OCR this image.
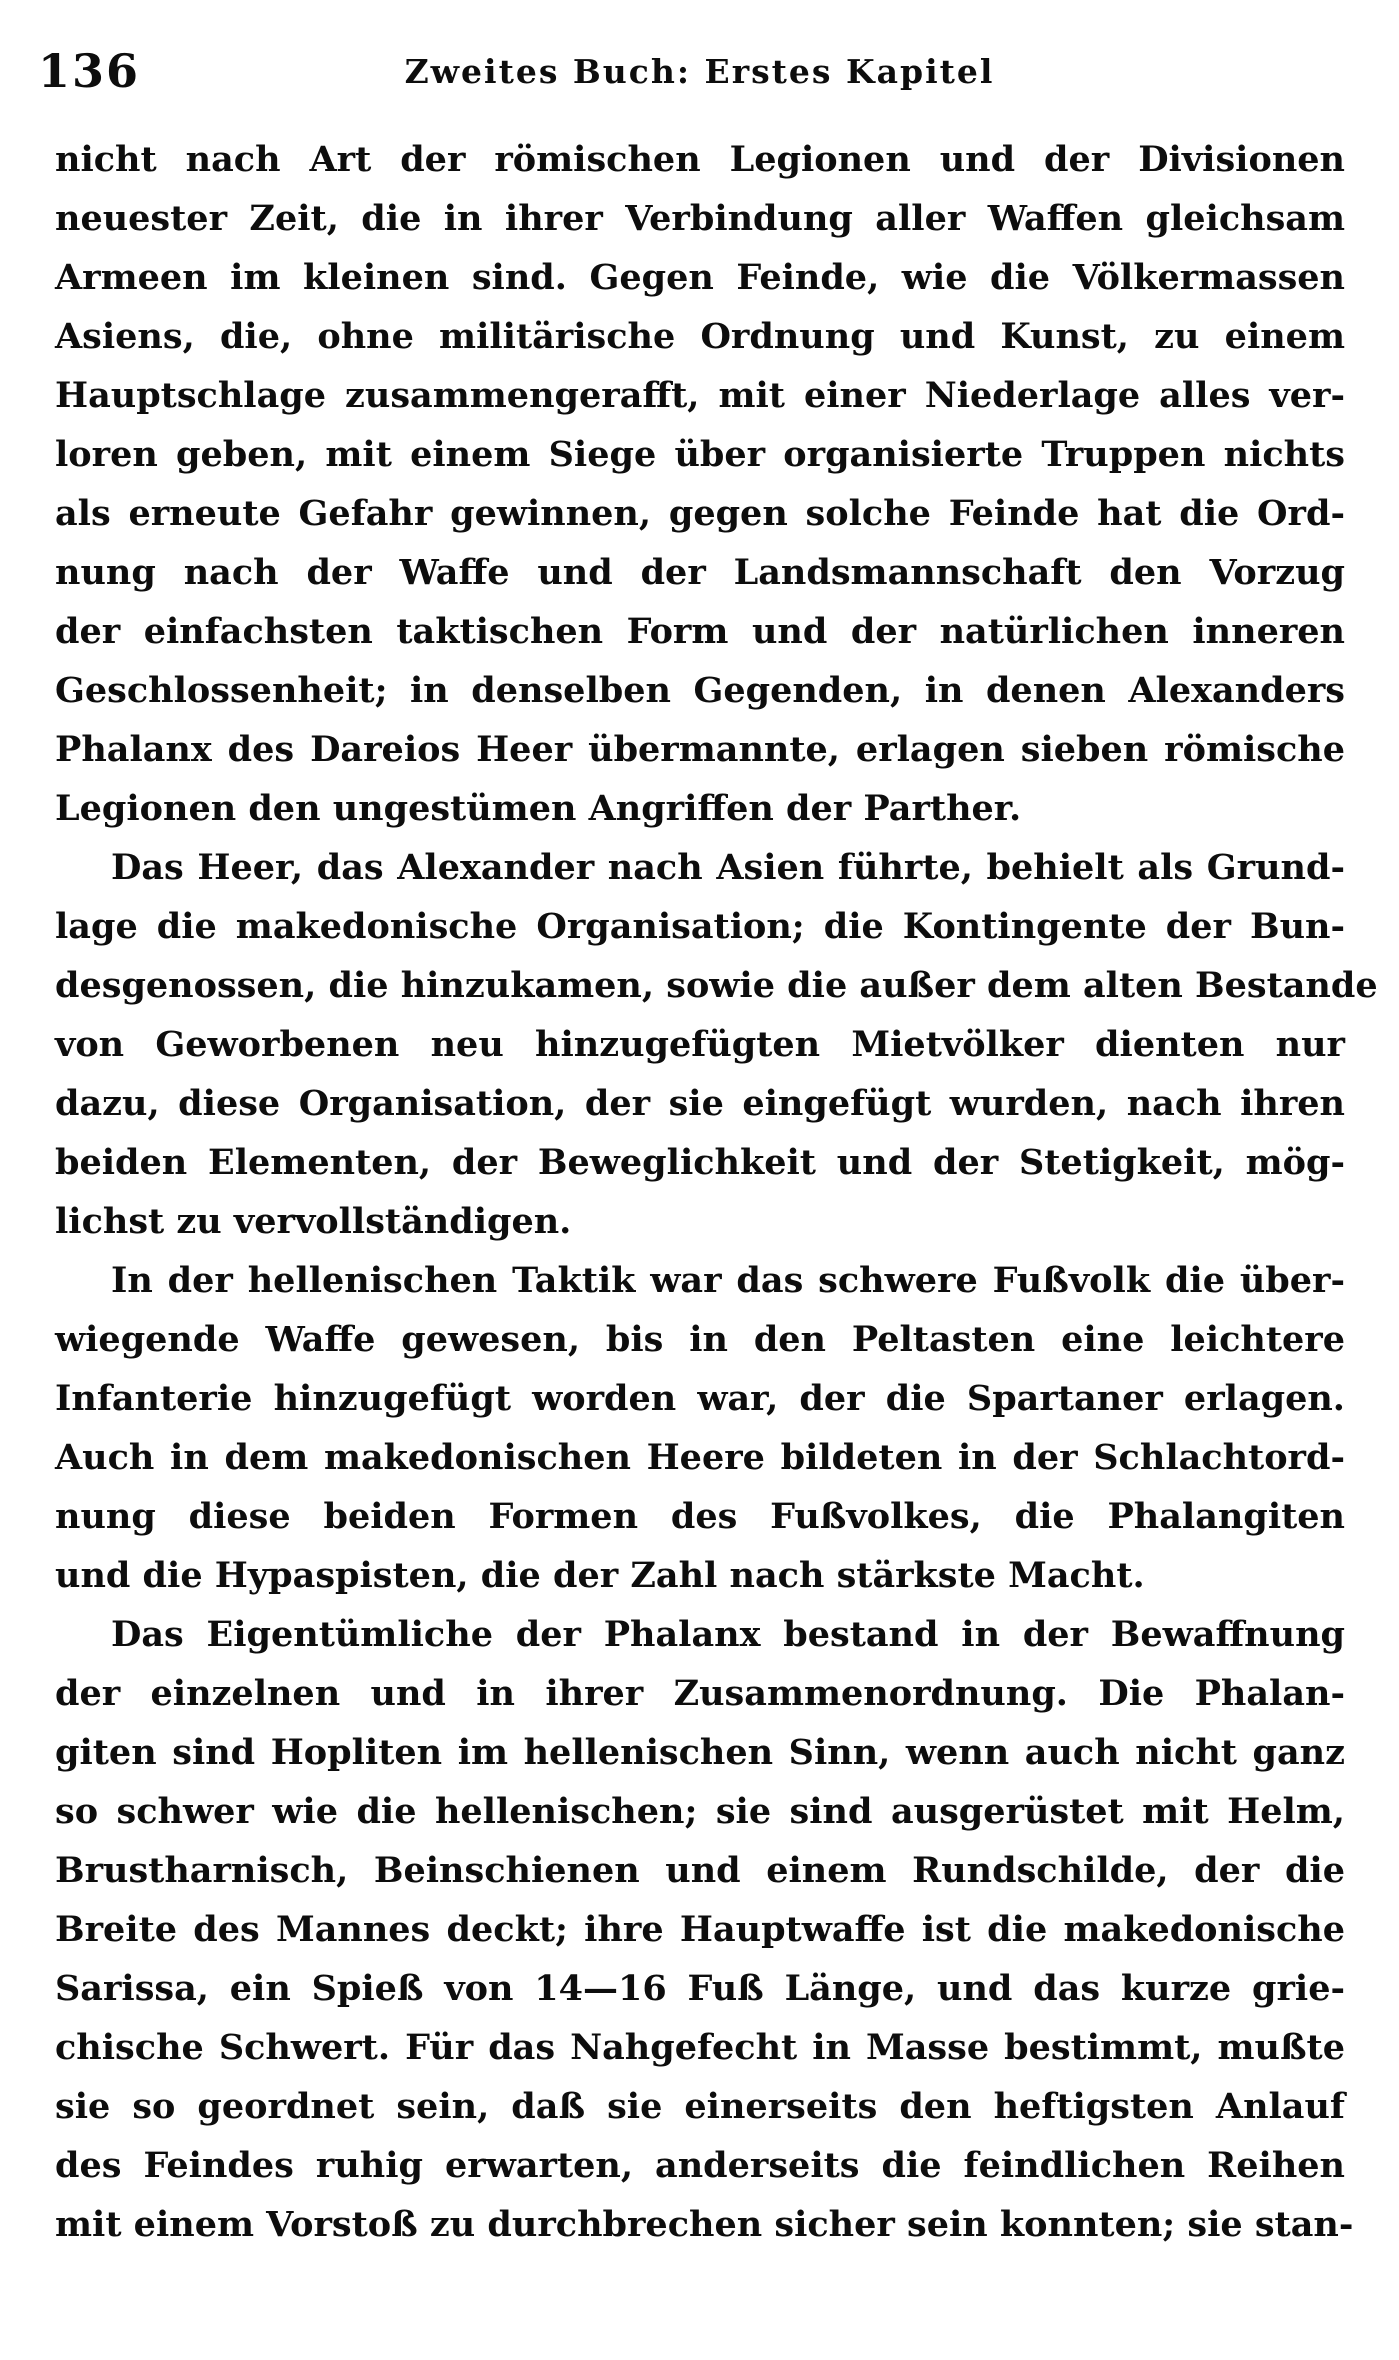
136	Zweites Buch: Erstes Kapitel
nicht nach Art der römischen Legionen und der Divisionen
neuester Zeit, die in ihrer Verbindung aller Waffen gleichsam
Armeen im kleinen sind. Gegen Feinde, wie die Völkermassen
Asiens, die, ohne militärische Ordnung und Kunst, zu einem
Hauptschlage zusammengerafft, mit einer Niederlage alles ver-
loren geben, mit einem Siege über organisierte Truppen nichts
als erneute Gefahr gewinnen, gegen solche Feinde hat die Ord-
nung nach der Waffe und der Landsmannschaft den Vorzug
der einfachsten taktischen Form und der natürlichen inneren
Geschlossenheit; in denselben Gegenden, in denen Alexanders
Phalanx des Dareios Heer übermannte, erlagen sieben römische
Legionen den ungestümen Angriffen der Parther.
Das Heer, das Alexander nach Asien führte, behielt als Grund-
lage die makedonische Organisation; die Kontingente der Bun-
desgenossen, die hinzukamen, sowie die außer dem alten Bestande
von Geworbenen neu hinzugefügten Mietvölker dienten nur
dazu, diese Organisation, der sie eingefügt wurden, nach ihren
beiden Elementen, der Beweglichkeit und der Stetigkeit, mög-
lichst zu vervollständigen.
In der hellenischen Taktik war das schwere Fußvolk die über-
wiegende Waffe gewesen, bis in den Peltasten eine leichtere
Infanterie hinzugefügt worden war, der die Spartaner erlagen.
Auch in dem makedonischen Heere bildeten in der Schlachtord-
nung diese beiden Formen des Fußvolkes, die Phalangiten
und die Hypaspisten, die der Zahl nach stärkste Macht.
Das Eigentümliche der Phalanx bestand in der Bewaffnung
der einzelnen und in ihrer Zusammenordnung. Die Phalan-
giten sind Hopliten im hellenischen Sinn, wenn auch nicht ganz
so schwer wie die hellenischen; sie sind ausgerüstet mit Helm,
Brustharnisch, Beinschienen und einem Rundschilde, der die
Breite des Mannes deckt; ihre Hauptwaffe ist die makedonische
Sarissa, ein Spieß von 14—16 Fuß Länge, und das kurze grie-
chische Schwert. Für das Nahgefecht in Masse bestimmt, mußte
sie so geordnet sein, daß sie einerseits den heftigsten Anlauf
des Feindes ruhig erwarten, anderseits die feindlichen Reihen
mit einem Vorstoß zu durchbrechen sicher sein konnten; sie stan-
